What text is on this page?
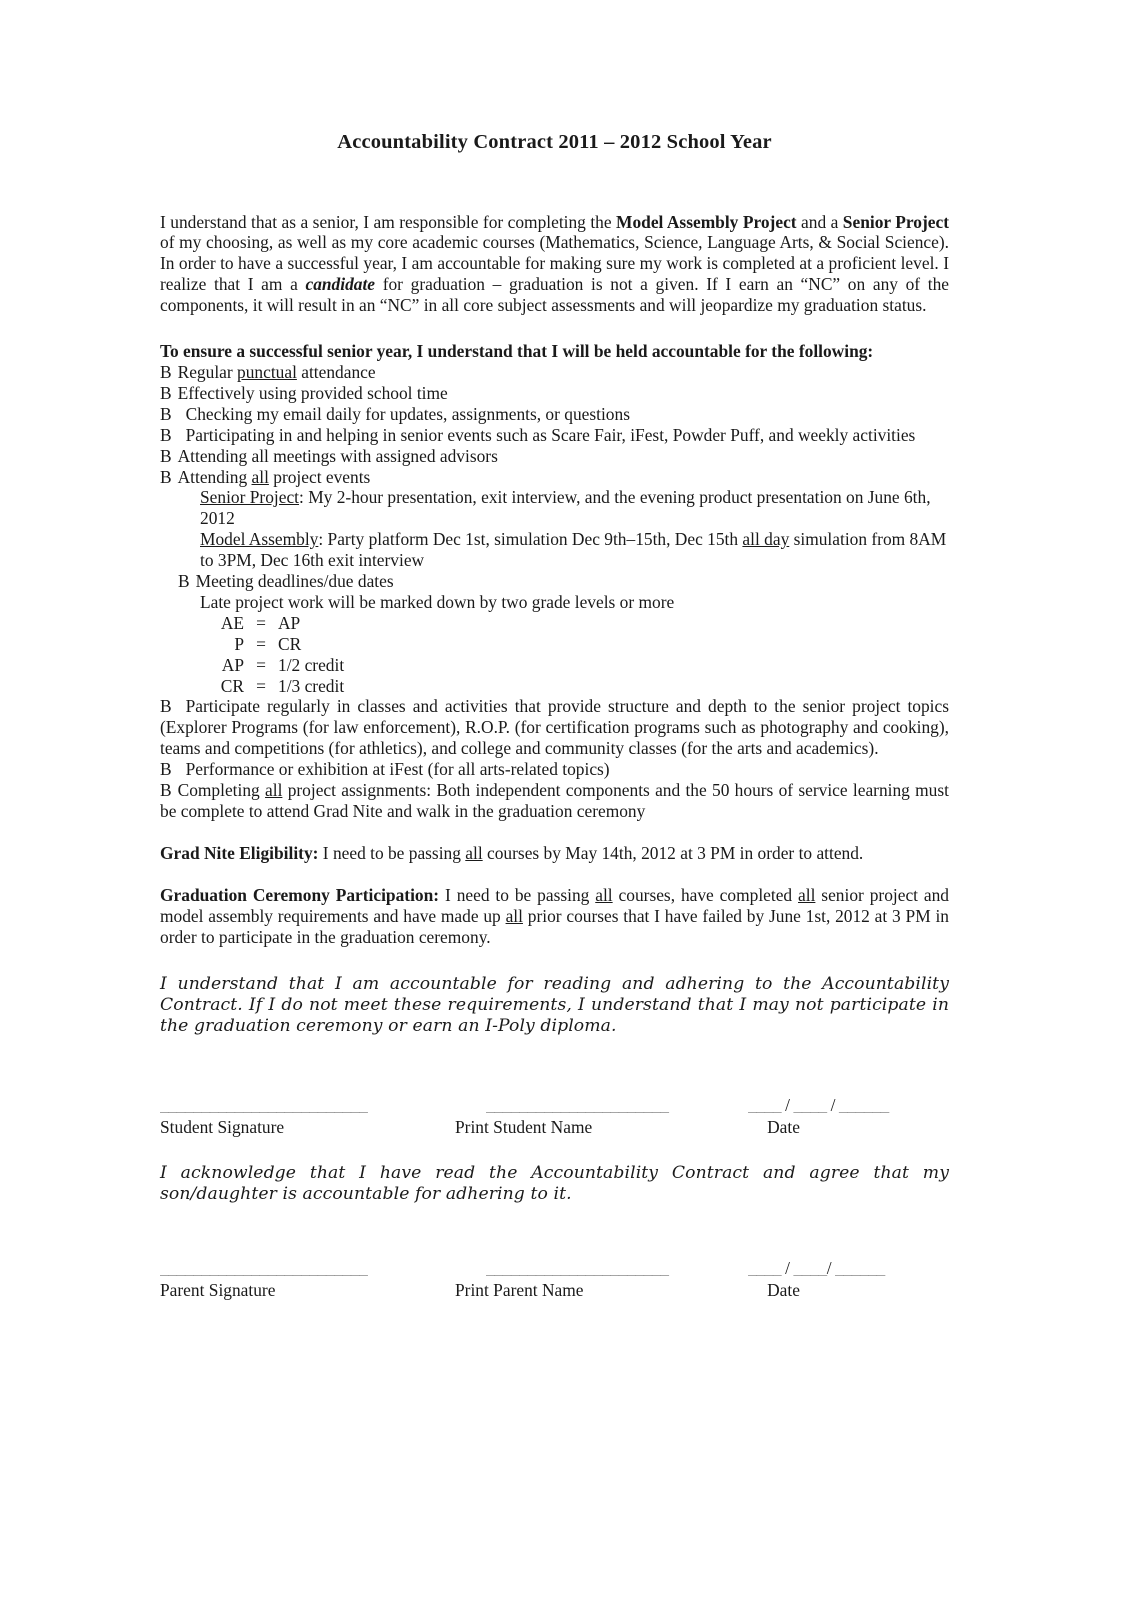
Accountability Contract 2011 – 2012 School Year

I understand that as a senior, I am responsible for completing the Model Assembly Project and a Senior Project of my choosing, as well as my core academic courses (Mathematics, Science, Language Arts, & Social Science). In order to have a successful year, I am accountable for making sure my work is completed at a proficient level. I realize that I am a candidate for graduation – graduation is not a given. If I earn an “NC” on any of the components, it will result in an “NC” in all core subject assessments and will jeopardize my graduation status.

To ensure a successful senior year, I understand that I will be held accountable for the following:

B Regular punctual attendance
B Effectively using provided school time
B Checking my email daily for updates, assignments, or questions
B Participating in and helping in senior events such as Scare Fair, iFest, Powder Puff, and weekly activities
B Attending all meetings with assigned advisors
B Attending all project events

Senior Project: My 2-hour presentation, exit interview, and the evening product presentation on June 6th, 2012

Model Assembly: Party platform Dec 1st, simulation Dec 9th–15th, Dec 15th all day simulation from 8AM to 3PM, Dec 16th exit interview

B Meeting deadlines/due dates

Late project work will be marked down by two grade levels or more

AE = AP
P = CR
AP = 1/2 credit
CR = 1/3 credit
B Participate regularly in classes and activities that provide structure and depth to the senior project topics (Explorer Programs (for law enforcement), R.O.P. (for certification programs such as photography and cooking), teams and competitions (for athletics), and college and community classes (for the arts and academics).
B Performance or exhibition at iFest (for all arts-related topics)
B Completing all project assignments: Both independent components and the 50 hours of service learning must be complete to attend Grad Nite and walk in the graduation ceremony

Grad Nite Eligibility: I need to be passing all courses by May 14th, 2012 at 3 PM in order to attend.

Graduation Ceremony Participation: I need to be passing all courses, have completed all senior project and model assembly requirements and have made up all prior courses that I have failed by June 1st, 2012 at 3 PM in order to participate in the graduation ceremony.

I understand that I am accountable for reading and adhering to the Accountability Contract. If I do not meet these requirements, I understand that I may not participate in the graduation ceremony or earn an I-Poly diploma.

_________________________	______________________	____ / ____ / ______
Student Signature	Print Student Name	Date

I acknowledge that I have read the Accountability Contract and agree that my son/daughter is accountable for adhering to it.

_________________________	______________________	____ / ____/ ______
Parent Signature	Print Parent Name	Date
